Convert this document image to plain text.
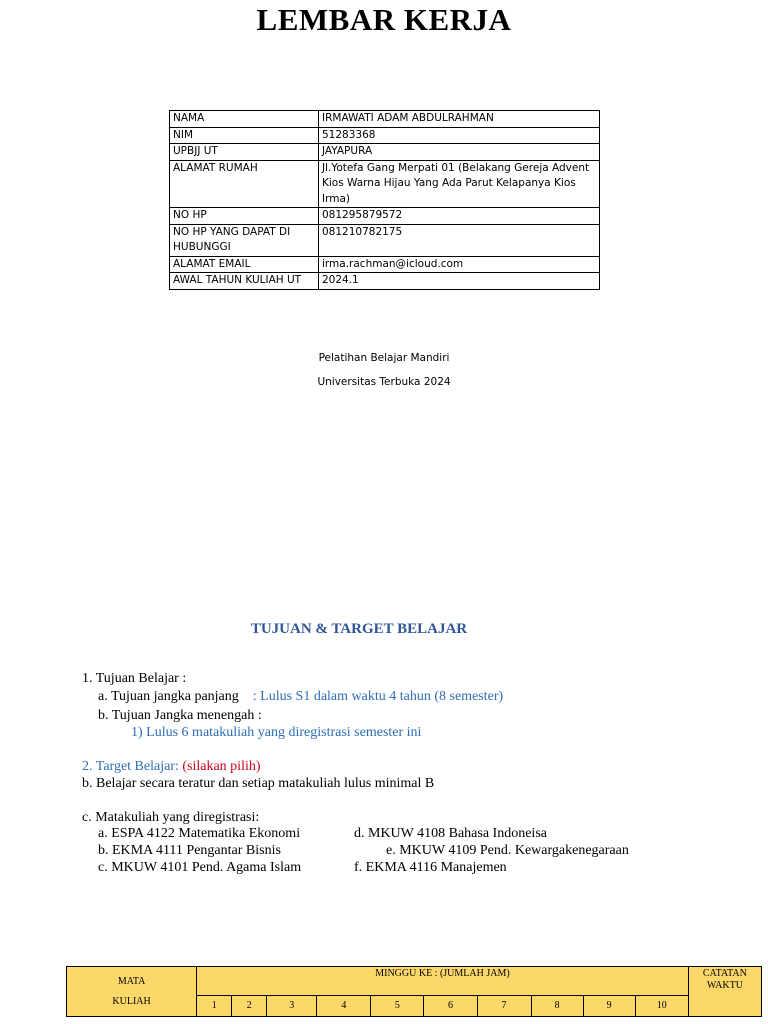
LEMBAR KERJA
NAMA	IRMAWATI ADAM ABDULRAHMAN
NIM	51283368
UPBJJ UT	JAYAPURA
ALAMAT RUMAH	Jl.Yotefa Gang Merpati 01 (Belakang Gereja Advent Kios Warna Hijau Yang Ada Parut Kelapanya Kios Irma)
NO HP	081295879572
NO HP YANG DAPAT DI HUBUNGGI	081210782175
ALAMAT EMAIL	irma.rachman@icloud.com
AWAL TAHUN KULIAH UT	2024.1
Pelatihan Belajar Mandiri
Universitas Terbuka 2024
TUJUAN & TARGET BELAJAR
1. Tujuan Belajar :
a. Tujuan jangka panjang : Lulus S1 dalam waktu 4 tahun (8 semester)
b. Tujuan Jangka menengah :
1) Lulus 6 matakuliah yang diregistrasi semester ini
2. Target Belajar: (silakan pilih)
b. Belajar secara teratur dan setiap matakuliah lulus minimal B
c. Matakuliah yang diregistrasi:
a. ESPA 4122 Matematika Ekonomi
b. EKMA 4111 Pengantar Bisnis
c. MKUW 4101 Pend. Agama Islam
d. MKUW 4108 Bahasa Indoneisa
e. MKUW 4109 Pend. Kewargakenegaraan
f. EKMA 4116 Manajemen
MATA
KULIAH	MINGGU KE : (JUMLAH JAM)										CATATAN WAKTU
	1	2	3	4	5	6	7	8	9	10	
